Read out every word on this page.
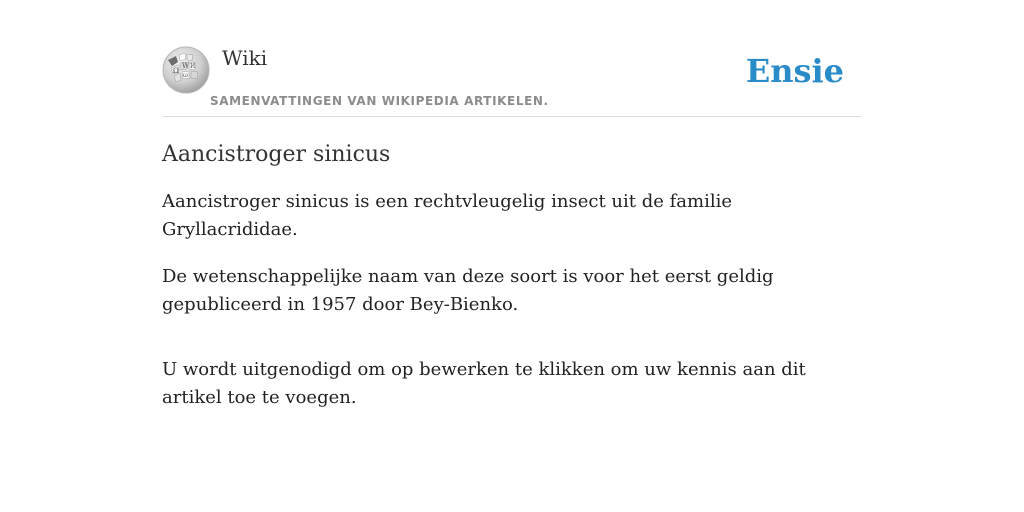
Ω
W И
ω
Wiki
SAMENVATTINGEN VAN WIKIPEDIA ARTIKELEN.
Ensie
Aancistroger sinicus

Aancistroger sinicus is een rechtvleugelig insect uit de familie Gryllacrididae.

De wetenschappelijke naam van deze soort is voor het eerst geldig gepubliceerd in 1957 door Bey-Bienko.

U wordt uitgenodigd om op bewerken te klikken om uw kennis aan dit artikel toe te voegen.
